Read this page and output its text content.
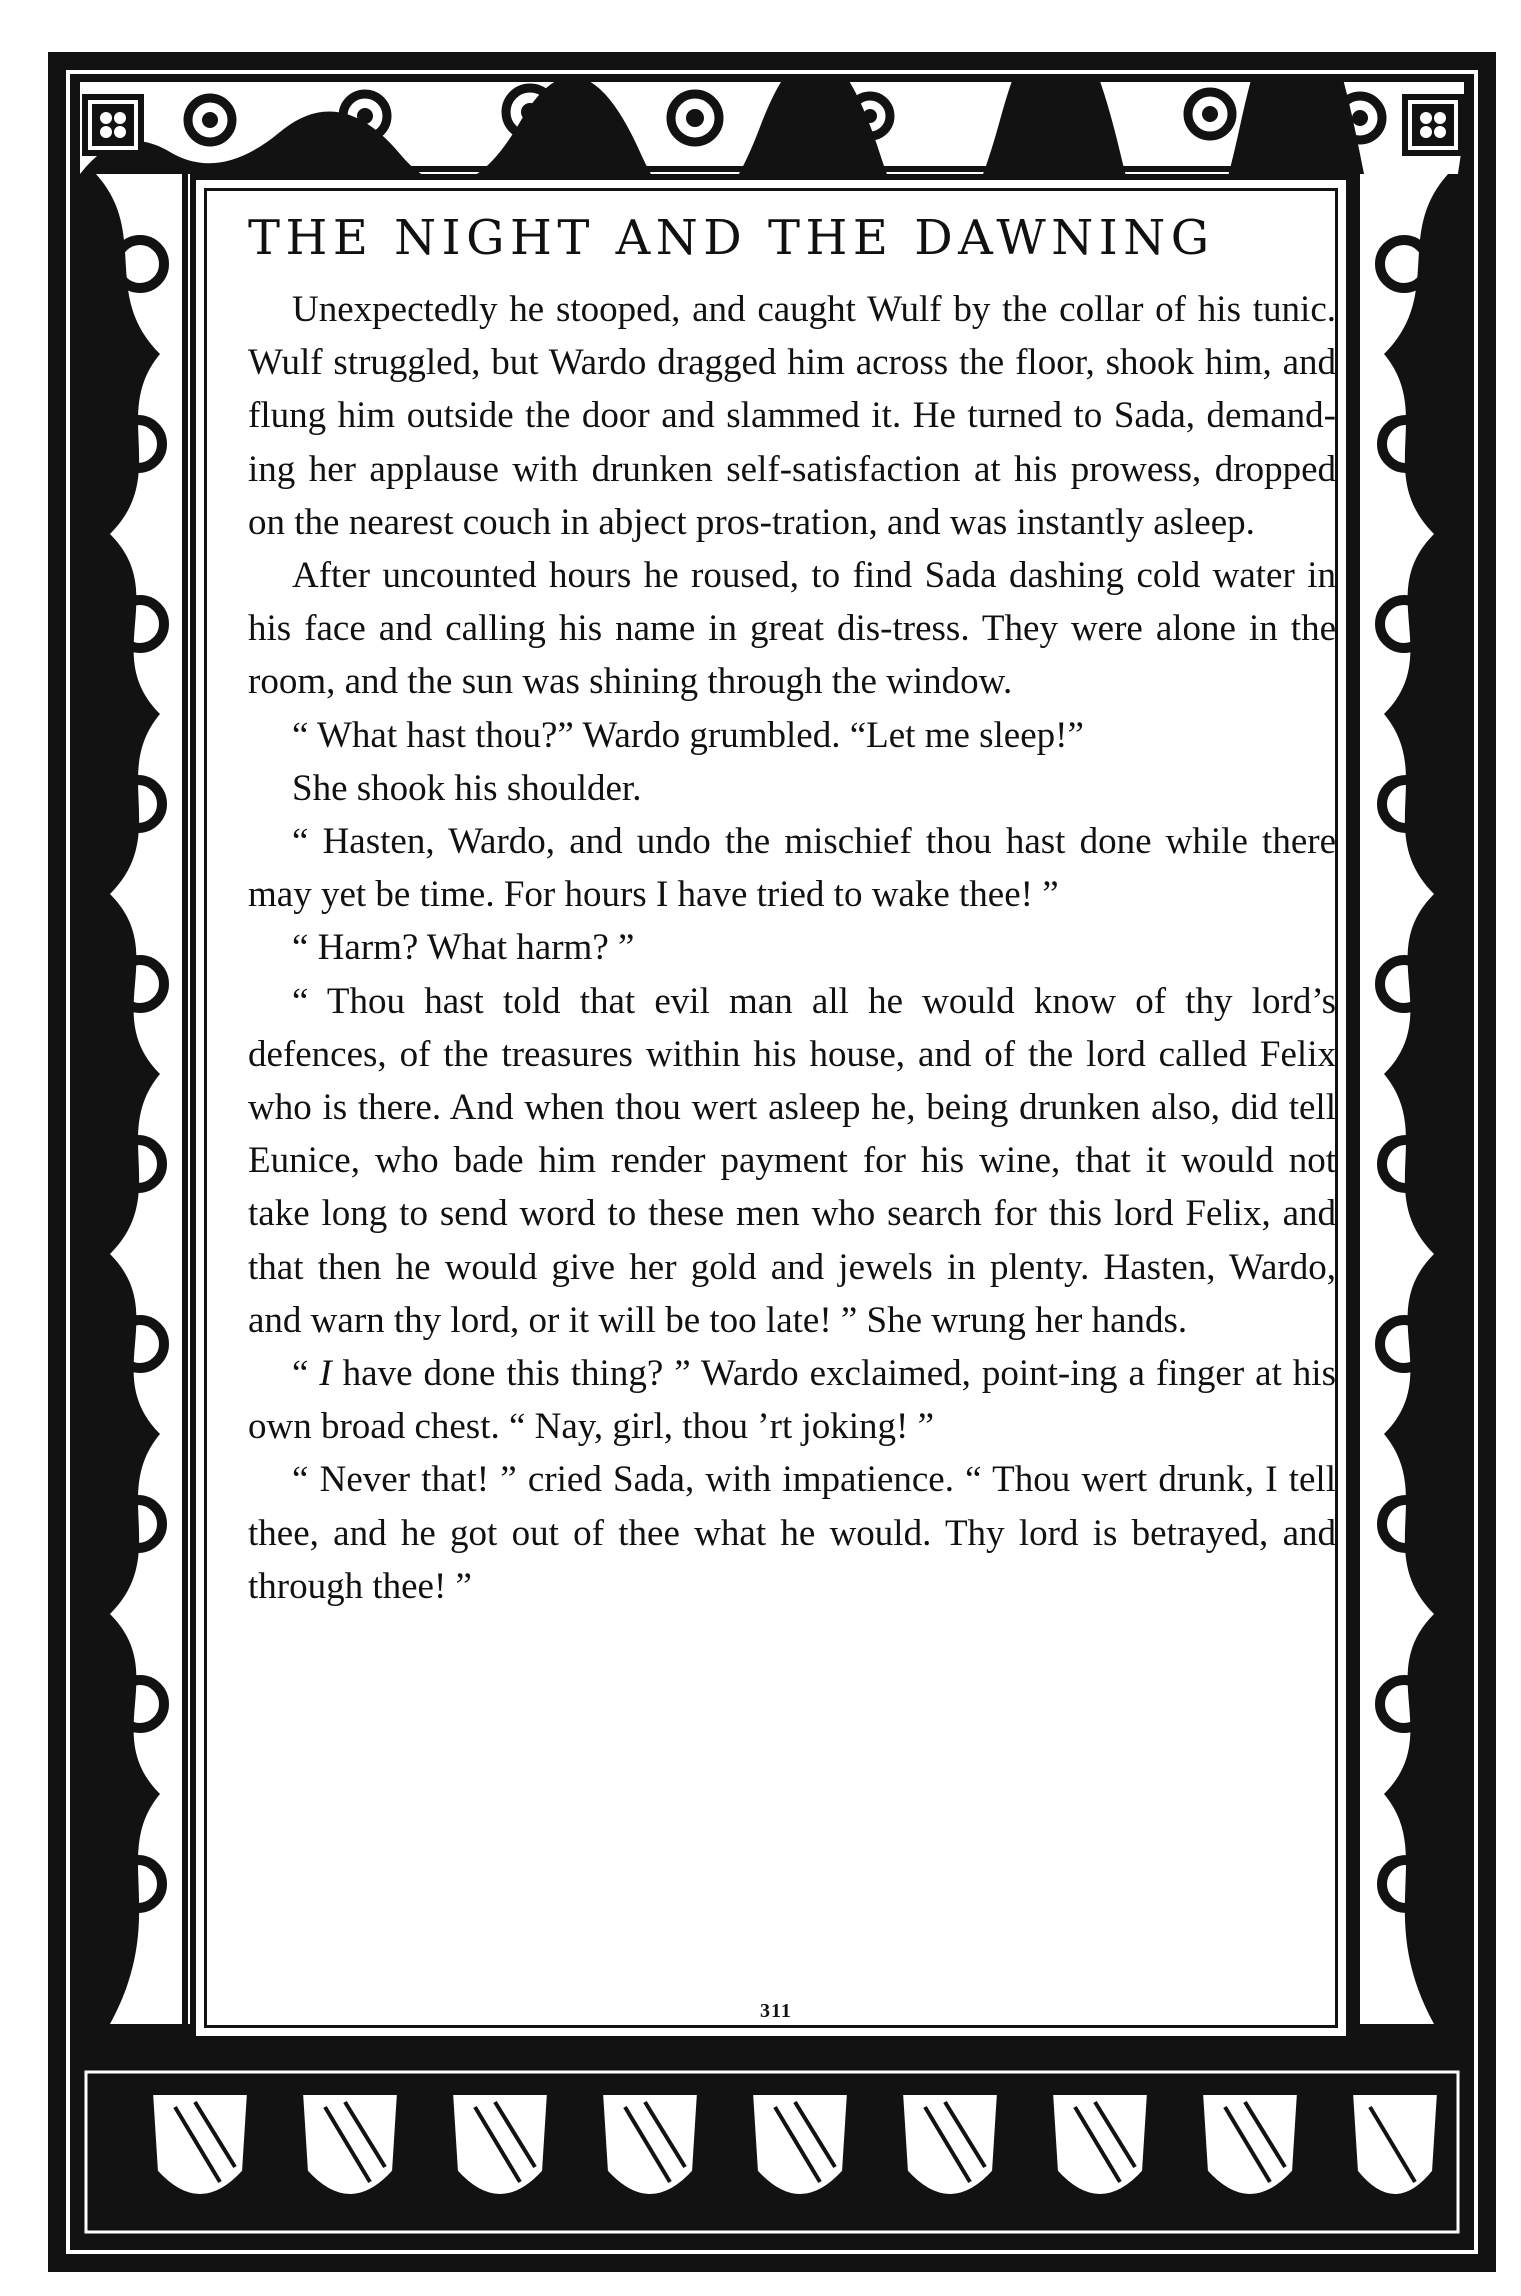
THE NIGHT AND THE DAWNING

Unexpectedly he stooped, and caught Wulf by the collar of his tunic. Wulf struggled, but Wardo dragged him across the floor, shook him, and flung him outside the door and slammed it. He turned to Sada, demand-ing her applause with drunken self-satisfaction at his prowess, dropped on the nearest couch in abject pros-tration, and was instantly asleep.

After uncounted hours he roused, to find Sada dashing cold water in his face and calling his name in great dis-tress. They were alone in the room, and the sun was shining through the window.

“ What hast thou?” Wardo grumbled. “Let me sleep!”

She shook his shoulder.

“ Hasten, Wardo, and undo the mischief thou hast done while there may yet be time. For hours I have tried to wake thee! ”

“ Harm? What harm? ”

“ Thou hast told that evil man all he would know of thy lord’s defences, of the treasures within his house, and of the lord called Felix who is there. And when thou wert asleep he, being drunken also, did tell Eunice, who bade him render payment for his wine, that it would not take long to send word to these men who search for this lord Felix, and that then he would give her gold and jewels in plenty. Hasten, Wardo, and warn thy lord, or it will be too late! ” She wrung her hands.

“ I have done this thing? ” Wardo exclaimed, point-ing a finger at his own broad chest. “ Nay, girl, thou ’rt joking! ”

“ Never that! ” cried Sada, with impatience. “ Thou wert drunk, I tell thee, and he got out of thee what he would. Thy lord is betrayed, and through thee! ”

311
